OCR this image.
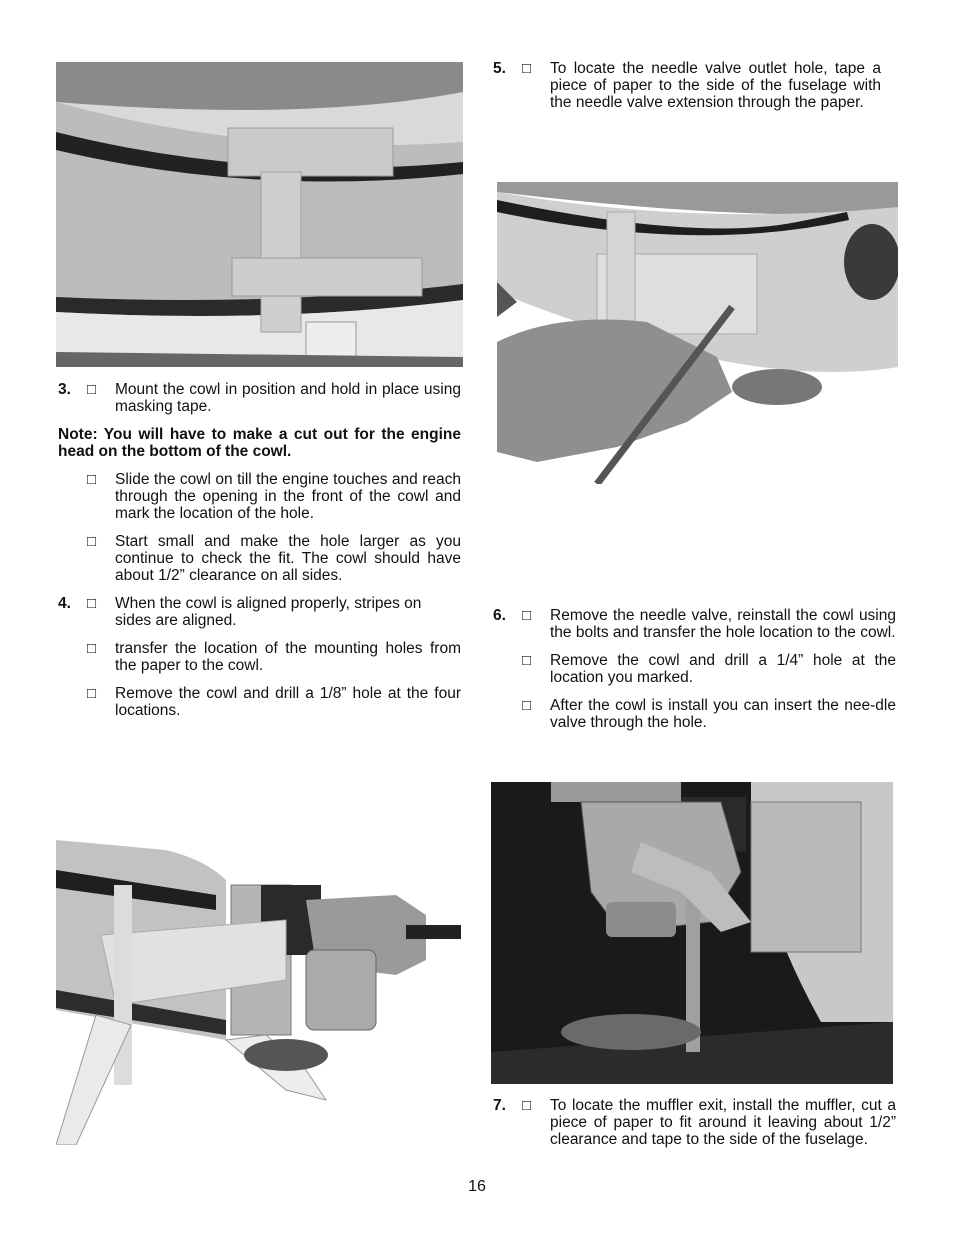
3. □ Mount the cowl in position and hold in place using masking tape.
Note: You will have to make a cut out for the engine head on the bottom of the cowl.
□ Slide the cowl on till the engine touches and reach through the opening in the front of the cowl and mark the location of the hole.
□ Start small and make the hole larger as you continue to check the fit. The cowl should have about 1/2” clearance on all sides.
4. □ When the cowl is aligned properly, stripes on sides are aligned.
□ transfer the location of the mounting holes from the paper to the cowl.
□ Remove the cowl and drill a 1/8” hole at the four locations.
5. □ To locate the needle valve outlet hole, tape a piece of paper to the side of the fuselage with the needle valve extension through the paper.
6. □ Remove the needle valve, reinstall the cowl using the bolts and transfer the hole location to the cowl.
□ Remove the cowl and drill a 1/4” hole at the location you marked.
□ After the cowl is install you can insert the nee-dle valve through the hole.
7. □ To locate the muffler exit, install the muffler, cut a piece of paper to fit around it leaving about 1/2” clearance and tape to the side of the fuselage.
16
